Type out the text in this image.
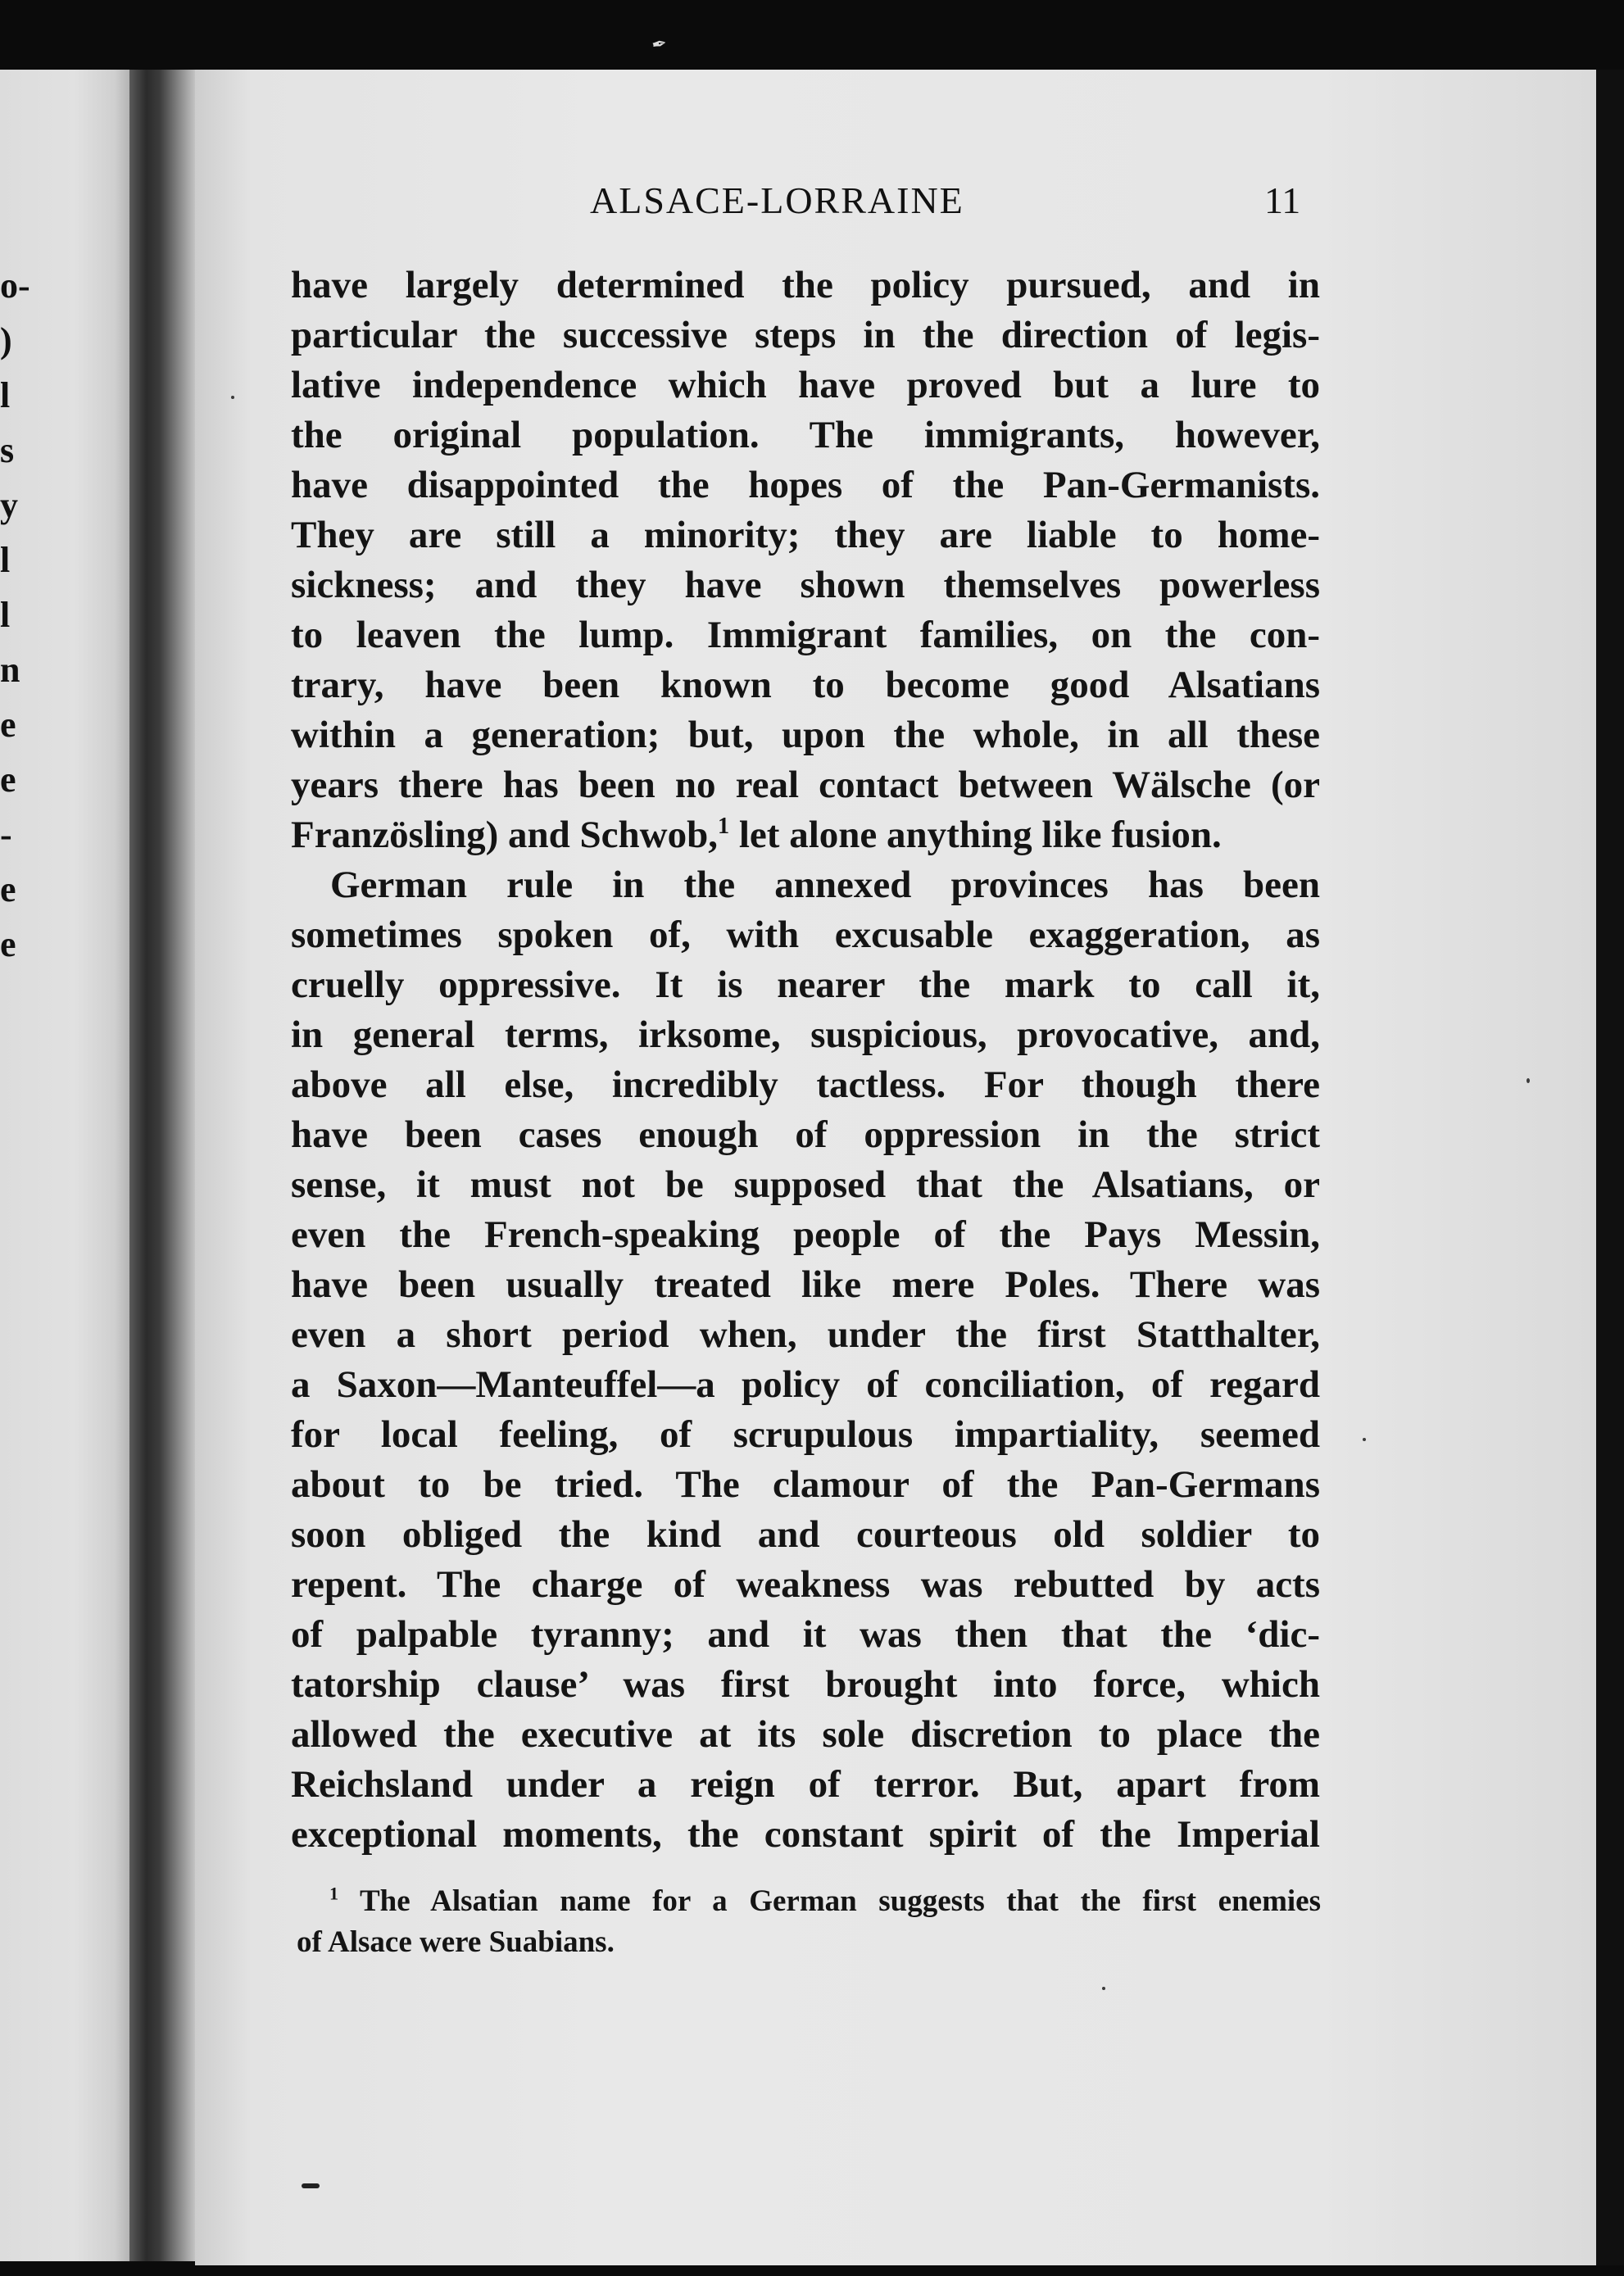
✒
o-
)
l
s
y
l
l
n
e
e
-
e
e
ALSACE-LORRAINE	11
have largely determined the policy pursued, and in
particular the successive steps in the direction of legis-
lative independence which have proved but a lure to
the original population. The immigrants, however,
have disappointed the hopes of the Pan-Germanists.
They are still a minority; they are liable to home-
sickness; and they have shown themselves powerless
to leaven the lump. Immigrant families, on the con-
trary, have been known to become good Alsatians
within a generation; but, upon the whole, in all these
years there has been no real contact between Wälsche (or
Französling) and Schwob,$^1$ let alone anything like fusion.
German rule in the annexed provinces has been
sometimes spoken of, with excusable exaggeration, as
cruelly oppressive. It is nearer the mark to call it,
in general terms, irksome, suspicious, provocative, and,
above all else, incredibly tactless. For though there
have been cases enough of oppression in the strict
sense, it must not be supposed that the Alsatians, or
even the French-speaking people of the Pays Messin,
have been usually treated like mere Poles. There was
even a short period when, under the first Statthalter,
a Saxon—Manteuffel—a policy of conciliation, of regard
for local feeling, of scrupulous impartiality, seemed
about to be tried. The clamour of the Pan-Germans
soon obliged the kind and courteous old soldier to
repent. The charge of weakness was rebutted by acts
of palpable tyranny; and it was then that the ‘dic-
tatorship clause’ was first brought into force, which
allowed the executive at its sole discretion to place the
Reichsland under a reign of terror. But, apart from
exceptional moments, the constant spirit of the Imperial
$^1$ The Alsatian name for a German suggests that the first enemies
of Alsace were Suabians.
